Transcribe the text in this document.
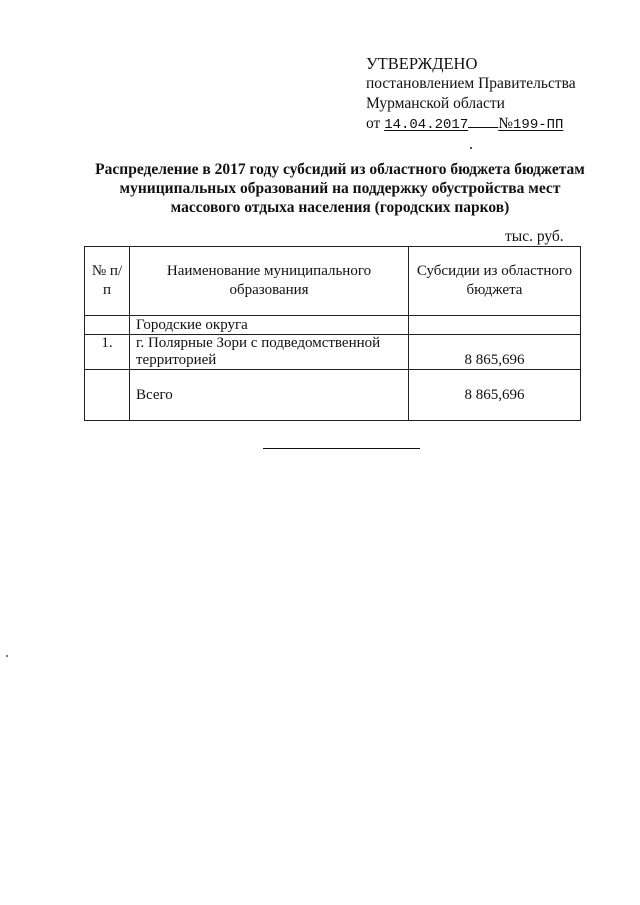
УТВЕРЖДЕНО
постановлением Правительства
Мурманской области
от 14.04.2017 №199-ПП
Распределение в 2017 году субсидий из областного бюджета бюджетам муниципальных образований на поддержку обустройства мест массового отдыха населения (городских парков)
тыс. руб.
№ п/п	Наименование муниципального образования	Субсидии из областного бюджета
	Городские округа	
1.	г. Полярные Зори с подведомственной территорией	8 865,696
	Всего	8 865,696
